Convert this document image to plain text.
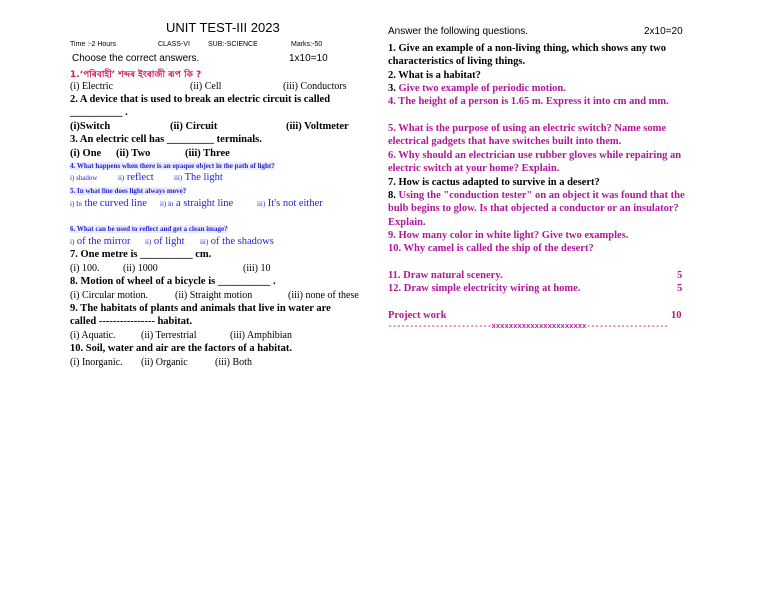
UNIT TEST-III 2023
Time :-2 Hours	CLASS-VI	SUB:-SCIENCE	Marks:-50
Choose the correct answers.	1x10=10
1.‘পৰিবাহী’ শব্দৰ ইংৰাজী ৰূপ কি ?
(i) Electric	(ii) Cell	(iii) Conductors
2. A device that is used to break an electric circuit is called
__________ .
(i)Switch	(ii) Circuit	(iii) Voltmeter
3. An electric cell has _________ terminals.
(i) One (ii) Two	(iii) Three
4. What happens when there is an opaque object in the path of light?
i) shadow	ii) reflect	iii) The light
5. In what line does light always move?
i) In the curved line ii) in a straight line	iii) It's not either
6. What can be used to reflect and get a clean image?
i) of the mirror ii) of light iii) of the shadows
7. One metre is __________ cm.
(i) 100. (ii) 1000	(iii) 10
8. Motion of wheel of a bicycle is __________ .
(i) Circular motion.	(ii) Straight motion	(iii) none of these
9. The habitats of plants and animals that live in water are
called ---------------- habitat.
(i) Aquatic.	(ii) Terrestrial	(iii) Amphibian
10. Soil, water and air are the factors of a habitat.
(i) Inorganic. (ii) Organic	(iii) Both
Answer the following questions.	2x10=20
1. Give an example of a non-living thing, which shows any two characteristics of living things.
2. What is a habitat?
3. Give two example of periodic motion.
4. The height of a person is 1.65 m. Express it into cm and mm.
5. What is the purpose of using an electric switch? Name some electrical gadgets that have switches built into them.
6. Why should an electrician use rubber gloves while repairing an electric switch at your home? Explain.
7. How is cactus adapted to survive in a desert?
8. Using the "conduction tester" on an object it was found that the bulb begins to glow. Is that objected a conductor or an insulator? Explain.
9. How many color in white light? Give two examples.
10. Why camel is called the ship of the desert?
11. Draw natural scenery.	5
12. Draw simple electricity wiring at home.	5
Project work	10
------------------------xxxxxxxxxxxxxxxxxxxxxx-------------------
